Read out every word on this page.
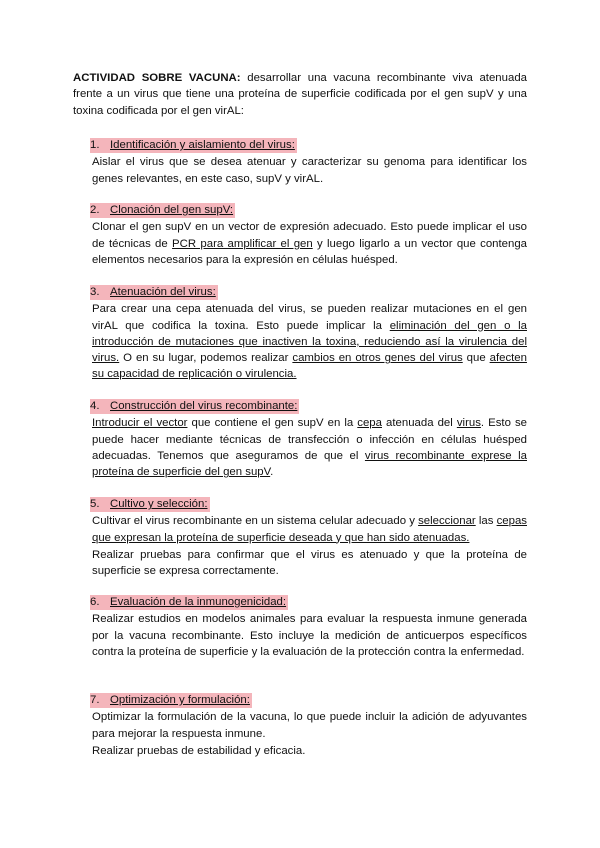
ACTIVIDAD SOBRE VACUNA: desarrollar una vacuna recombinante viva atenuada frente a un virus que tiene una proteína de superficie codificada por el gen supV y una toxina codificada por el gen virAL:
1. Identificación y aislamiento del virus:
Aislar el virus que se desea atenuar y caracterizar su genoma para identificar los genes relevantes, en este caso, supV y virAL.
2. Clonación del gen supV:
Clonar el gen supV en un vector de expresión adecuado. Esto puede implicar el uso de técnicas de PCR para amplificar el gen y luego ligarlo a un vector que contenga elementos necesarios para la expresión en células huésped.
3. Atenuación del virus:
Para crear una cepa atenuada del virus, se pueden realizar mutaciones en el gen virAL que codifica la toxina. Esto puede implicar la eliminación del gen o la introducción de mutaciones que inactiven la toxina, reduciendo así la virulencia del virus. O en su lugar, podemos realizar cambios en otros genes del virus que afecten su capacidad de replicación o virulencia.
4. Construcción del virus recombinante:
Introducir el vector que contiene el gen supV en la cepa atenuada del virus. Esto se puede hacer mediante técnicas de transfección o infección en células huésped adecuadas. Tenemos que aseguramos de que el virus recombinante exprese la proteína de superficie del gen supV.
5. Cultivo y selección:
Cultivar el virus recombinante en un sistema celular adecuado y seleccionar las cepas que expresan la proteína de superficie deseada y que han sido atenuadas.
Realizar pruebas para confirmar que el virus es atenuado y que la proteína de superficie se expresa correctamente.
6. Evaluación de la inmunogenicidad:
Realizar estudios en modelos animales para evaluar la respuesta inmune generada por la vacuna recombinante. Esto incluye la medición de anticuerpos específicos contra la proteína de superficie y la evaluación de la protección contra la enfermedad.
7. Optimización y formulación:
Optimizar la formulación de la vacuna, lo que puede incluir la adición de adyuvantes para mejorar la respuesta inmune.
Realizar pruebas de estabilidad y eficacia.
